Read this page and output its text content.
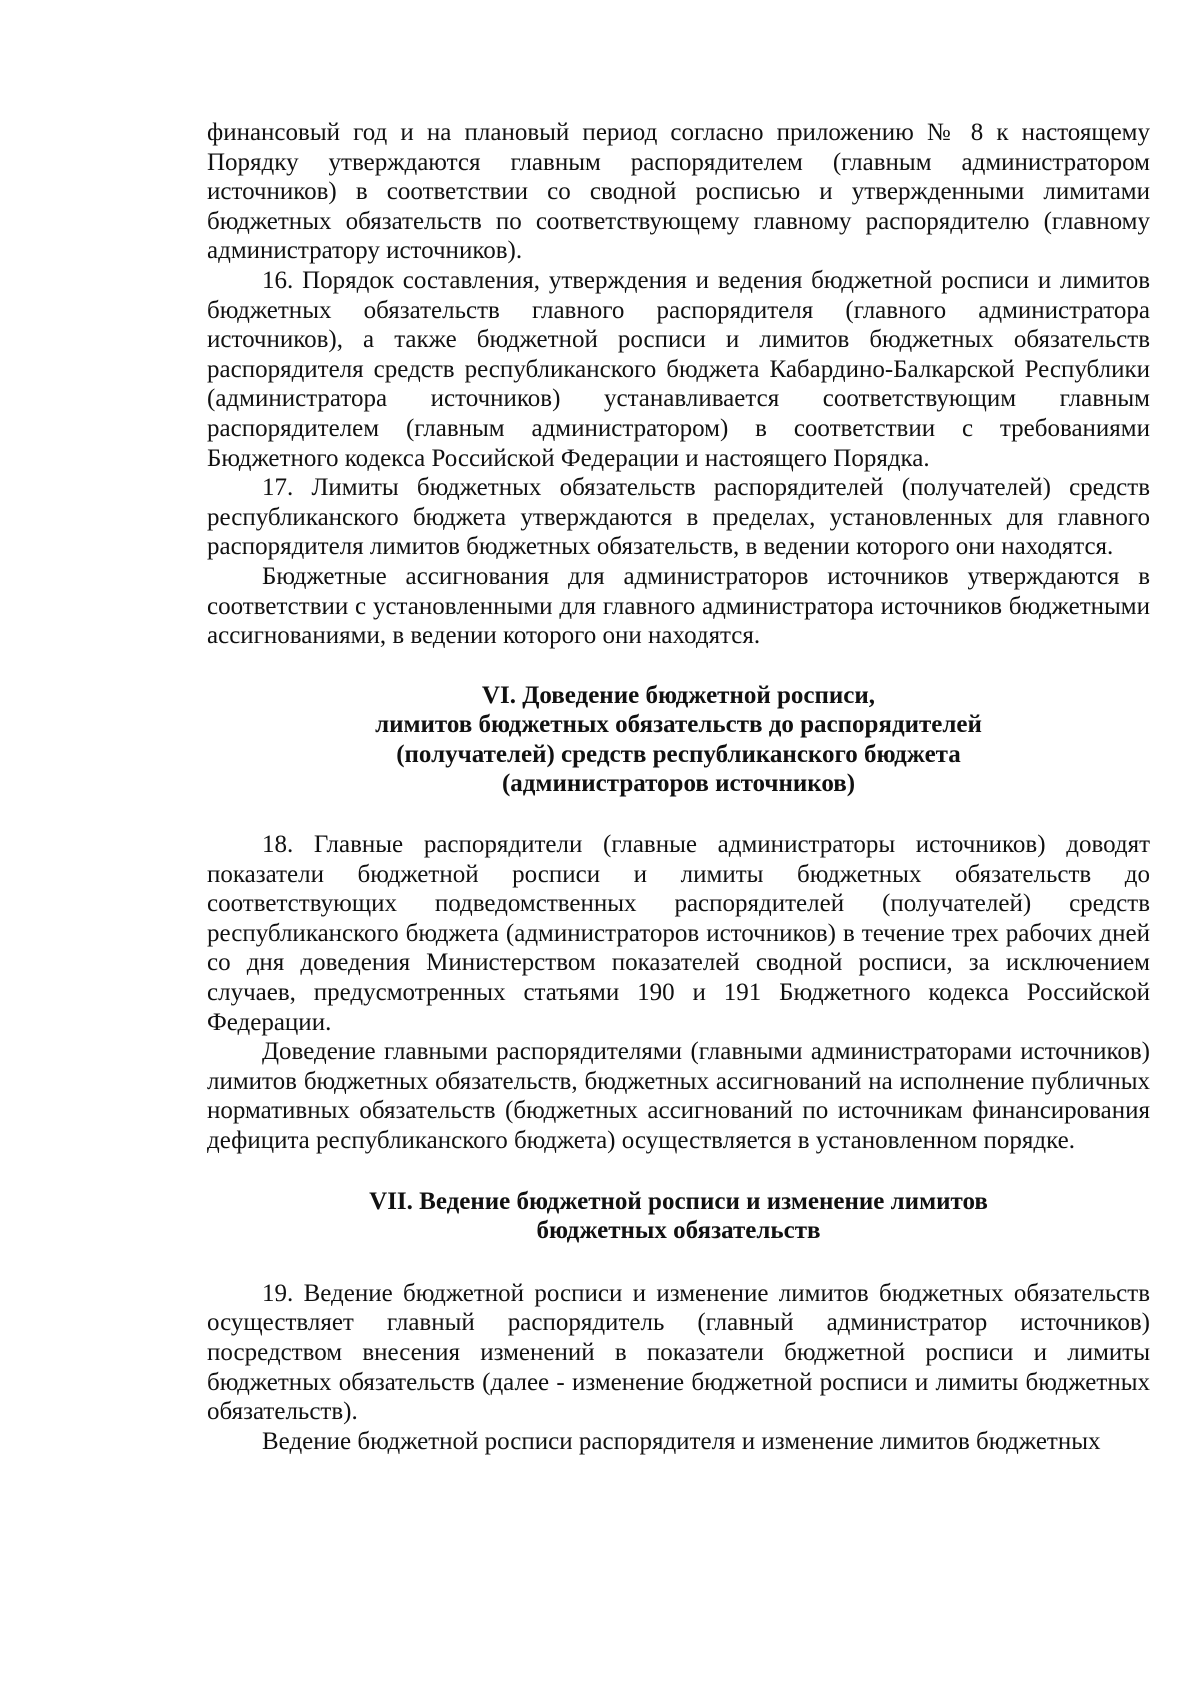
финансовый год и на плановый период согласно приложению № 8 к настоящему Порядку утверждаются главным распорядителем (главным администратором источников) в соответствии со сводной росписью и утвержденными лимитами бюджетных обязательств по соответствующему главному распорядителю (главному администратору источников).

16. Порядок составления, утверждения и ведения бюджетной росписи и лимитов бюджетных обязательств главного распорядителя (главного администратора источников), а также бюджетной росписи и лимитов бюджетных обязательств распорядителя средств республиканского бюджета Кабардино-Балкарской Республики (администратора источников) устанавливается соответствующим главным распорядителем (главным администратором) в соответствии с требованиями Бюджетного кодекса Российской Федерации и настоящего Порядка.

17. Лимиты бюджетных обязательств распорядителей (получателей) средств республиканского бюджета утверждаются в пределах, установленных для главного распорядителя лимитов бюджетных обязательств, в ведении которого они находятся.

Бюджетные ассигнования для администраторов источников утверждаются в соответствии с установленными для главного администратора источников бюджетными ассигнованиями, в ведении которого они находятся.

VI. Доведение бюджетной росписи,
лимитов бюджетных обязательств до распорядителей
(получателей) средств республиканского бюджета
(администраторов источников)

18. Главные распорядители (главные администраторы источников) доводят показатели бюджетной росписи и лимиты бюджетных обязательств до соответствующих подведомственных распорядителей (получателей) средств республиканского бюджета (администраторов источников) в течение трех рабочих дней со дня доведения Министерством показателей сводной росписи, за исключением случаев, предусмотренных статьями 190 и 191 Бюджетного кодекса Российской Федерации.

Доведение главными распорядителями (главными администраторами источников) лимитов бюджетных обязательств, бюджетных ассигнований на исполнение публичных нормативных обязательств (бюджетных ассигнований по источникам финансирования дефицита республиканского бюджета) осуществляется в установленном порядке.

VII. Ведение бюджетной росписи и изменение лимитов
бюджетных обязательств

19. Ведение бюджетной росписи и изменение лимитов бюджетных обязательств осуществляет главный распорядитель (главный администратор источников) посредством внесения изменений в показатели бюджетной росписи и лимиты бюджетных обязательств (далее - изменение бюджетной росписи и лимиты бюджетных обязательств).

Ведение бюджетной росписи распорядителя и изменение лимитов бюджетных
